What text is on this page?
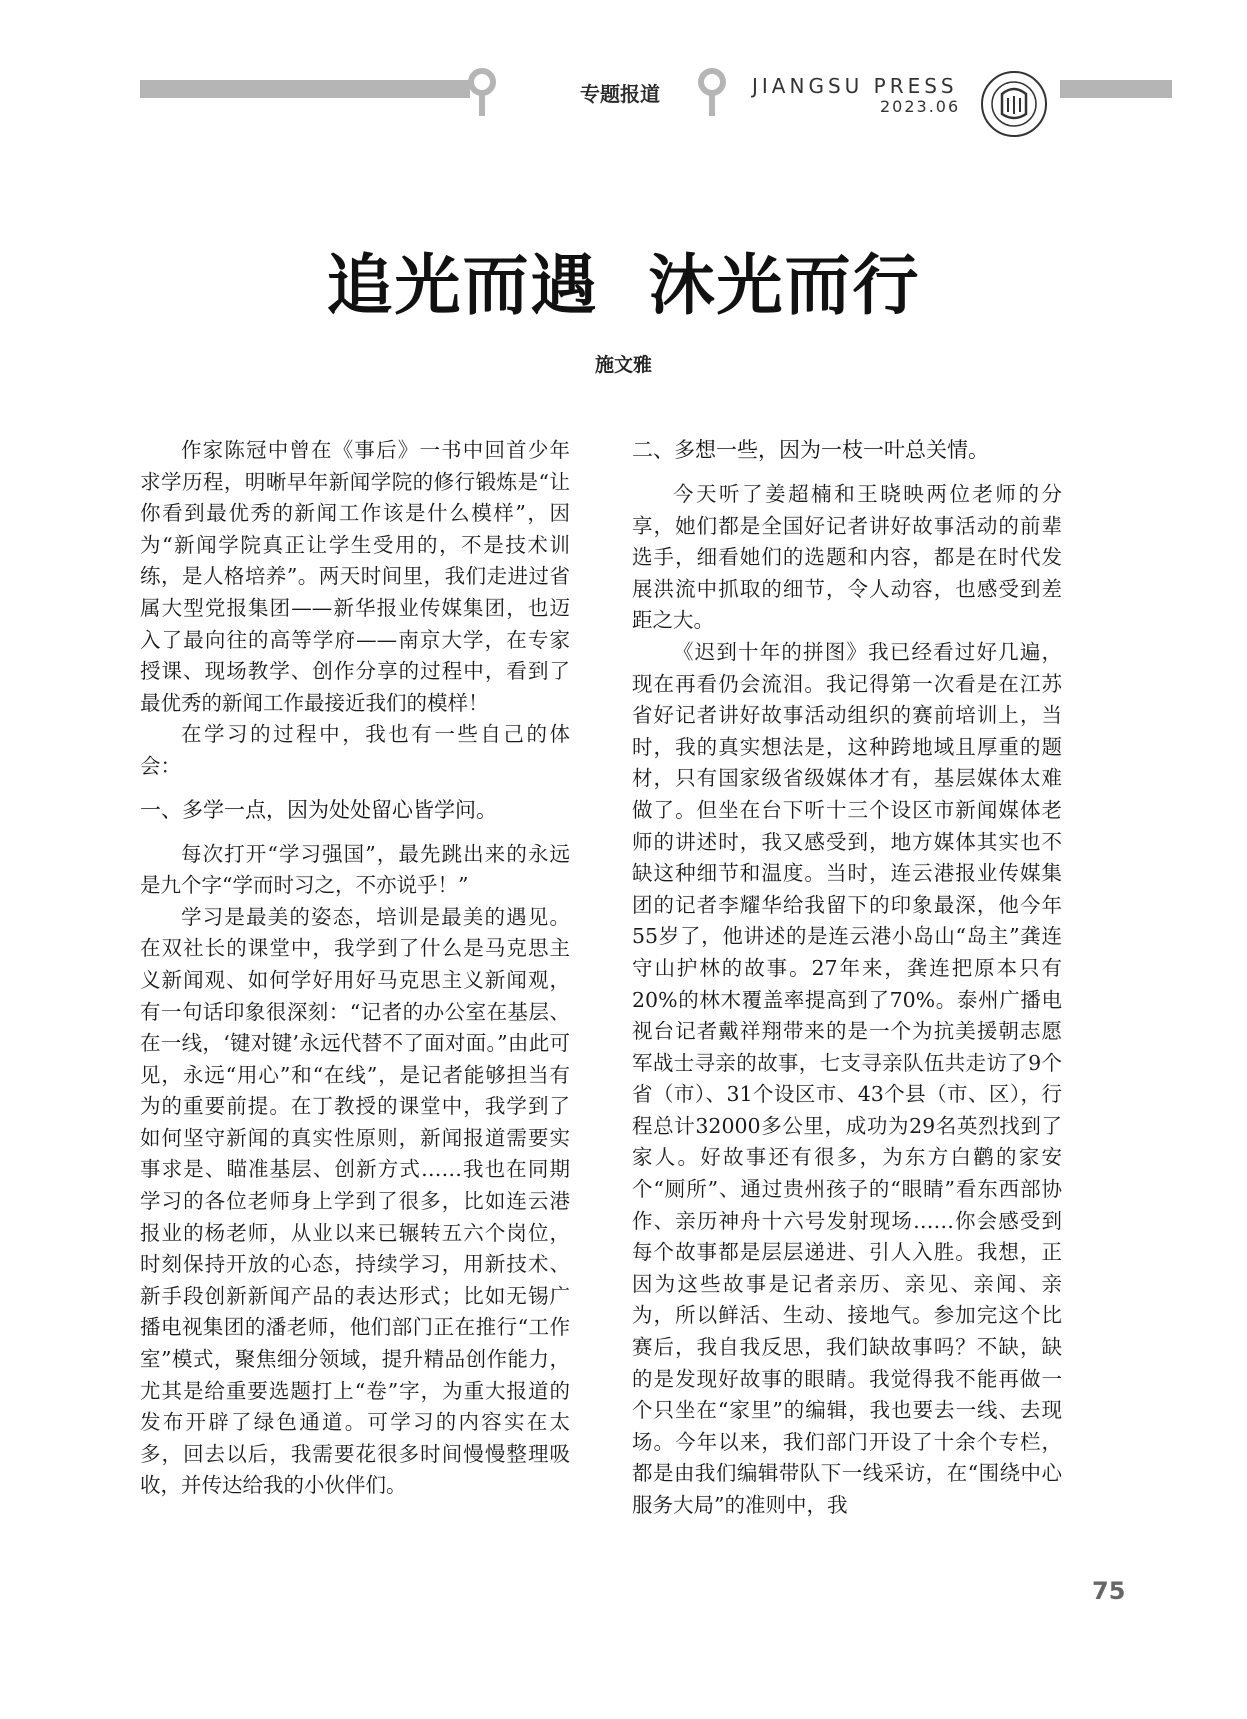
专题报道	JIANGSU PRESS
2023.06
追光而遇  沐光而行
施文雅

作家陈冠中曾在《事后》一书中回首少年求学历程，明晰早年新闻学院的修行锻炼是“让你看到最优秀的新闻工作该是什么模样”，因为“新闻学院真正让学生受用的，不是技术训练，是人格培养”。两天时间里，我们走进过省属大型党报集团——新华报业传媒集团，也迈入了最向往的高等学府——南京大学，在专家授课、现场教学、创作分享的过程中，看到了最优秀的新闻工作最接近我们的模样！

在学习的过程中，我也有一些自己的体会：

一、多学一点，因为处处留心皆学问。

每次打开“学习强国”，最先跳出来的永远是九个字“学而时习之，不亦说乎！”

学习是最美的姿态，培训是最美的遇见。在双社长的课堂中，我学到了什么是马克思主义新闻观、如何学好用好马克思主义新闻观，有一句话印象很深刻：“记者的办公室在基层、在一线，‘键对键’永远代替不了面对面。”由此可见，永远“用心”和“在线”，是记者能够担当有为的重要前提。在丁教授的课堂中，我学到了如何坚守新闻的真实性原则，新闻报道需要实事求是、瞄准基层、创新方式……我也在同期学习的各位老师身上学到了很多，比如连云港报业的杨老师，从业以来已辗转五六个岗位，时刻保持开放的心态，持续学习，用新技术、新手段创新新闻产品的表达形式；比如无锡广播电视集团的潘老师，他们部门正在推行“工作室”模式，聚焦细分领域，提升精品创作能力，尤其是给重要选题打上“卷”字，为重大报道的发布开辟了绿色通道。可学习的内容实在太多，回去以后，我需要花很多时间慢慢整理吸收，并传达给我的小伙伴们。

二、多想一些，因为一枝一叶总关情。

今天听了姜超楠和王晓映两位老师的分享，她们都是全国好记者讲好故事活动的前辈选手，细看她们的选题和内容，都是在时代发展洪流中抓取的细节，令人动容，也感受到差距之大。

《迟到十年的拼图》我已经看过好几遍，现在再看仍会流泪。我记得第一次看是在江苏省好记者讲好故事活动组织的赛前培训上，当时，我的真实想法是，这种跨地域且厚重的题材，只有国家级省级媒体才有，基层媒体太难做了。但坐在台下听十三个设区市新闻媒体老师的讲述时，我又感受到，地方媒体其实也不缺这种细节和温度。当时，连云港报业传媒集团的记者李耀华给我留下的印象最深，他今年55岁了，他讲述的是连云港小岛山“岛主”龚连守山护林的故事。27年来，龚连把原本只有20%的林木覆盖率提高到了70%。泰州广播电视台记者戴祥翔带来的是一个为抗美援朝志愿军战士寻亲的故事，七支寻亲队伍共走访了9个省（市）、31个设区市、43个县（市、区），行程总计32000多公里，成功为29名英烈找到了家人。好故事还有很多，为东方白鹳的家安个“厕所”、通过贵州孩子的“眼睛”看东西部协作、亲历神舟十六号发射现场……你会感受到每个故事都是层层递进、引人入胜。我想，正因为这些故事是记者亲历、亲见、亲闻、亲为，所以鲜活、生动、接地气。参加完这个比赛后，我自我反思，我们缺故事吗？不缺，缺的是发现好故事的眼睛。我觉得我不能再做一个只坐在“家里”的编辑，我也要去一线、去现场。今年以来，我们部门开设了十余个专栏，都是由我们编辑带队下一线采访，在“围绕中心 服务大局”的准则中，我

75
